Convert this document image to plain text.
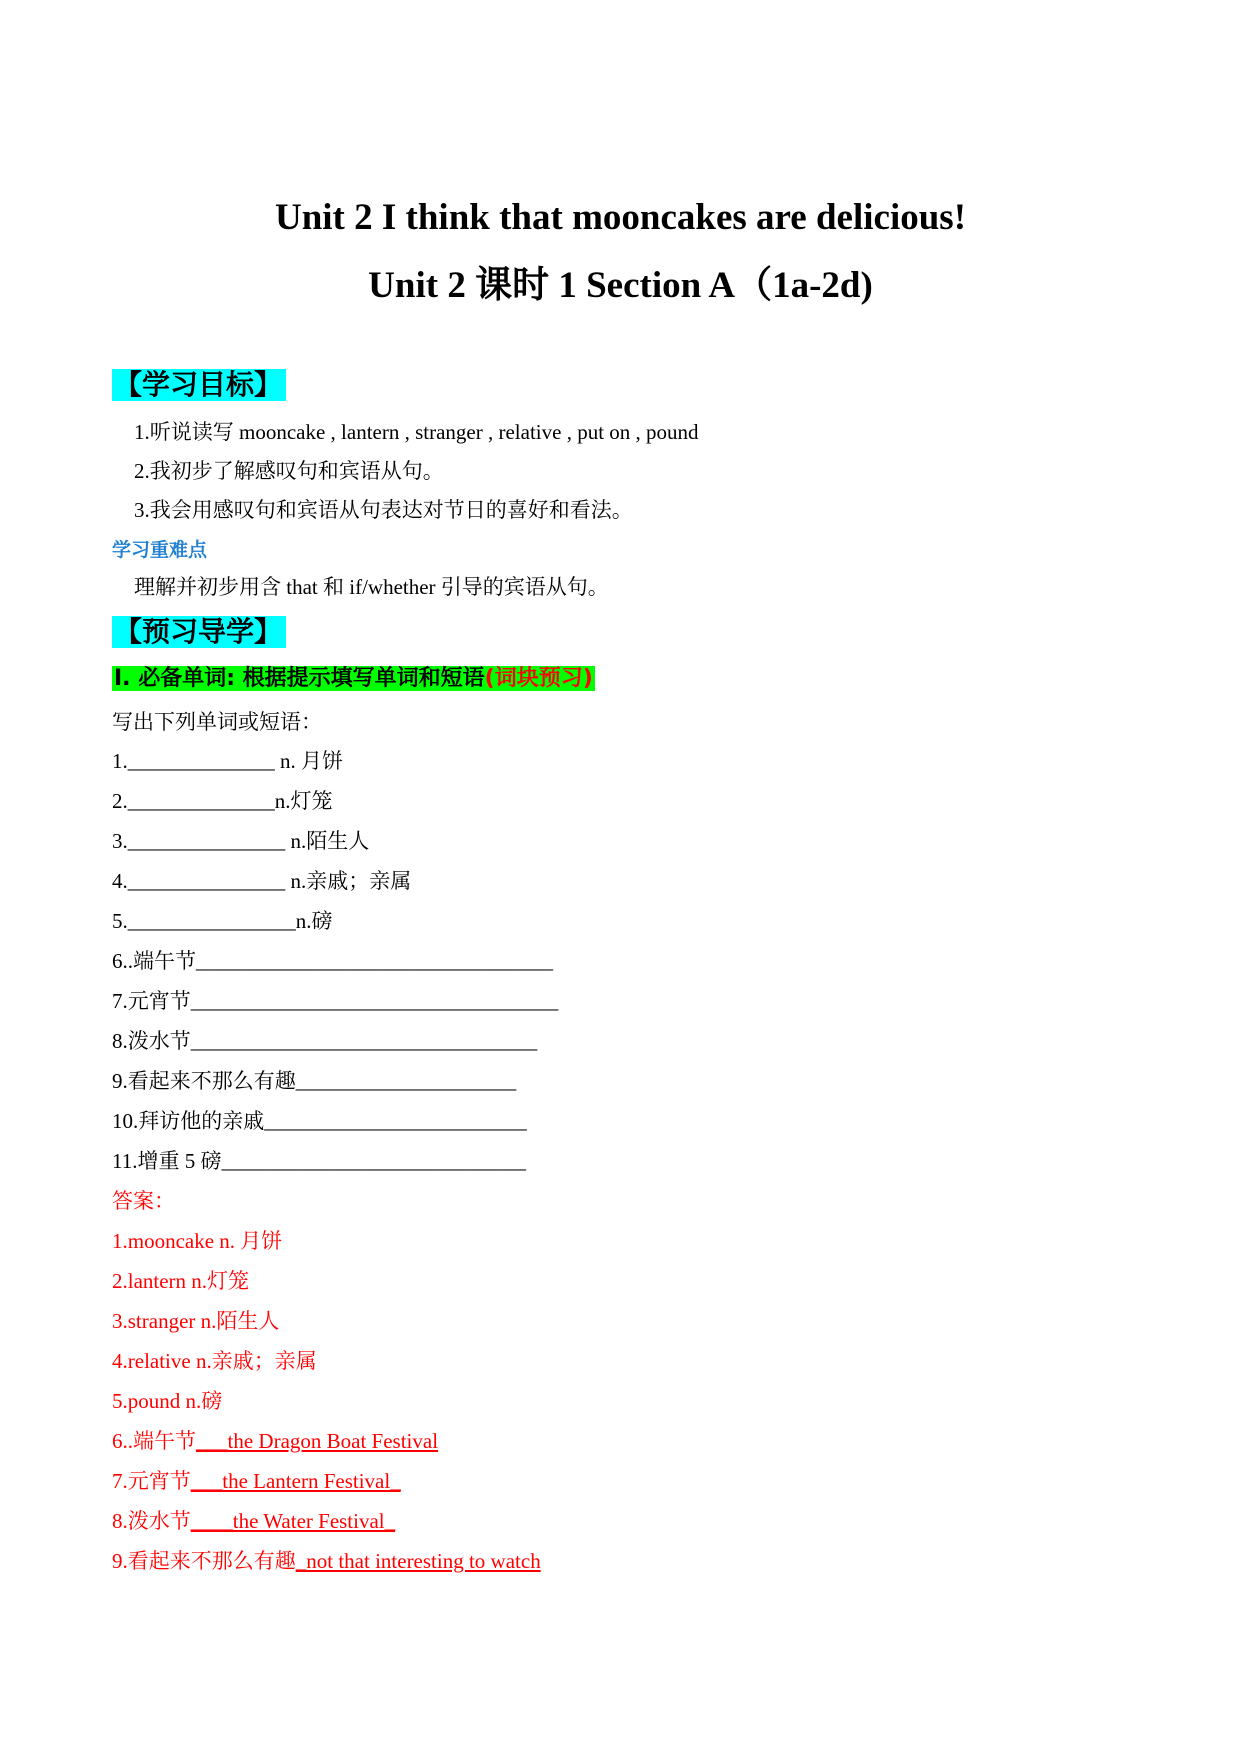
Unit 2 I think that mooncakes are delicious!
Unit 2 课时 1 Section A（1a-2d)
【学习目标】
1.听说读写 mooncake , lantern , stranger , relative , put on , pound
2.我初步了解感叹句和宾语从句。
3.我会用感叹句和宾语从句表达对节日的喜好和看法。
学习重难点
理解并初步用含 that 和 if/whether 引导的宾语从句。
【预习导学】
I. 必备单词: 根据提示填写单词和短语(词块预习)
写出下列单词或短语：
1.______________ n. 月饼
2.______________n.灯笼
3._______________ n.陌生人
4._______________ n.亲戚；亲属
5.________________n.磅
6..端午节__________________________________
7.元宵节___________________________________
8.泼水节_________________________________
9.看起来不那么有趣_____________________
10.拜访他的亲戚_________________________
11.增重 5 磅_____________________________
答案：
1.mooncake n. 月饼
2.lantern n.灯笼
3.stranger n.陌生人
4.relative n.亲戚；亲属
5.pound n.磅
6..端午节___the Dragon Boat Festival
7.元宵节___the Lantern Festival_
8.泼水节____the Water Festival_
9.看起来不那么有趣_not that interesting to watch
